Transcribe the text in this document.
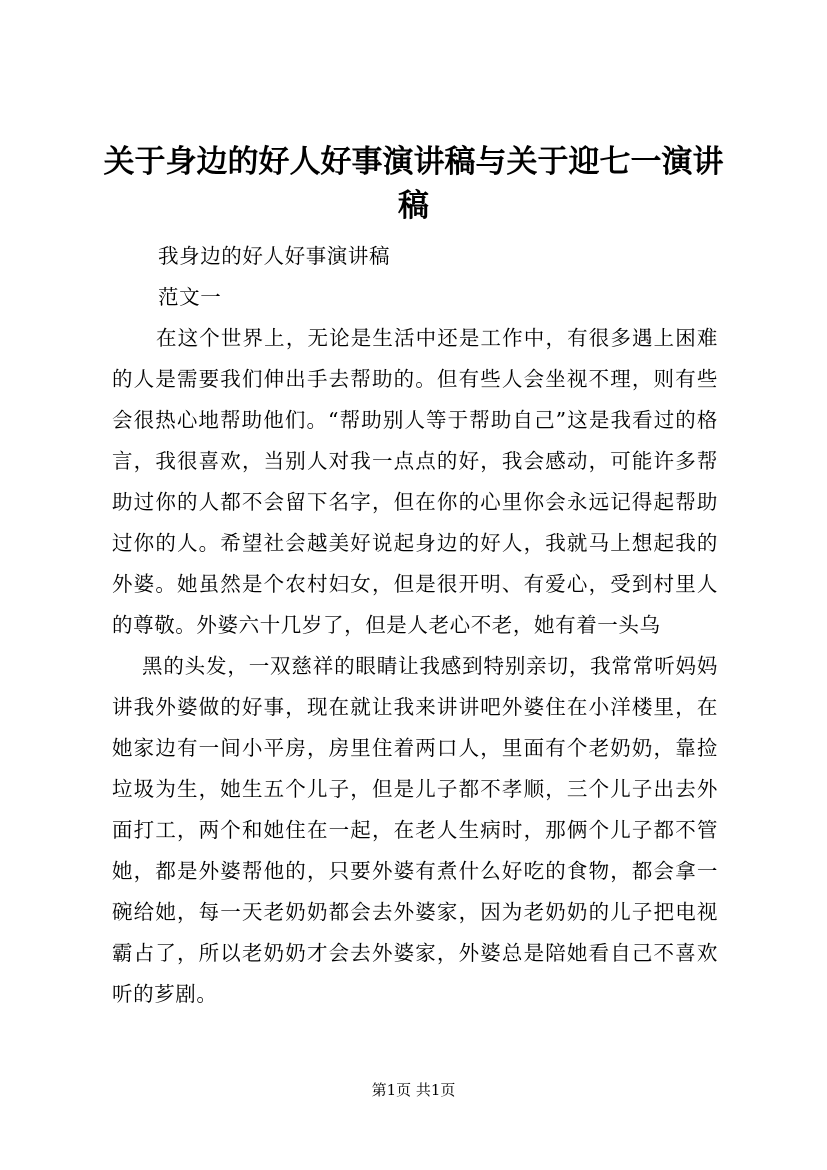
关于身边的好人好事演讲稿与关于迎七一演讲稿
我身边的好人好事演讲稿
范文一
在这个世界上，无论是生活中还是工作中，有很多遇上困难的人是需要我们伸出手去帮助的。但有些人会坐视不理，则有些会很热心地帮助他们。“帮助别人等于帮助自己”这是我看过的格言，我很喜欢，当别人对我一点点的好，我会感动，可能许多帮助过你的人都不会留下名字，但在你的心里你会永远记得起帮助过你的人。希望社会越美好说起身边的好人，我就马上想起我的外婆。她虽然是个农村妇女，但是很开明、有爱心，受到村里人的尊敬。外婆六十几岁了，但是人老心不老，她有着一头乌
黑的头发，一双慈祥的眼睛让我感到特别亲切，我常常听妈妈讲我外婆做的好事，现在就让我来讲讲吧外婆住在小洋楼里，在她家边有一间小平房，房里住着两口人，里面有个老奶奶，靠捡垃圾为生，她生五个儿子，但是儿子都不孝顺，三个儿子出去外面打工，两个和她住在一起，在老人生病时，那俩个儿子都不管她，都是外婆帮他的，只要外婆有煮什么好吃的食物，都会拿一碗给她，每一天老奶奶都会去外婆家，因为老奶奶的儿子把电视霸占了，所以老奶奶才会去外婆家，外婆总是陪她看自己不喜欢听的芗剧。
第1页 共1页
